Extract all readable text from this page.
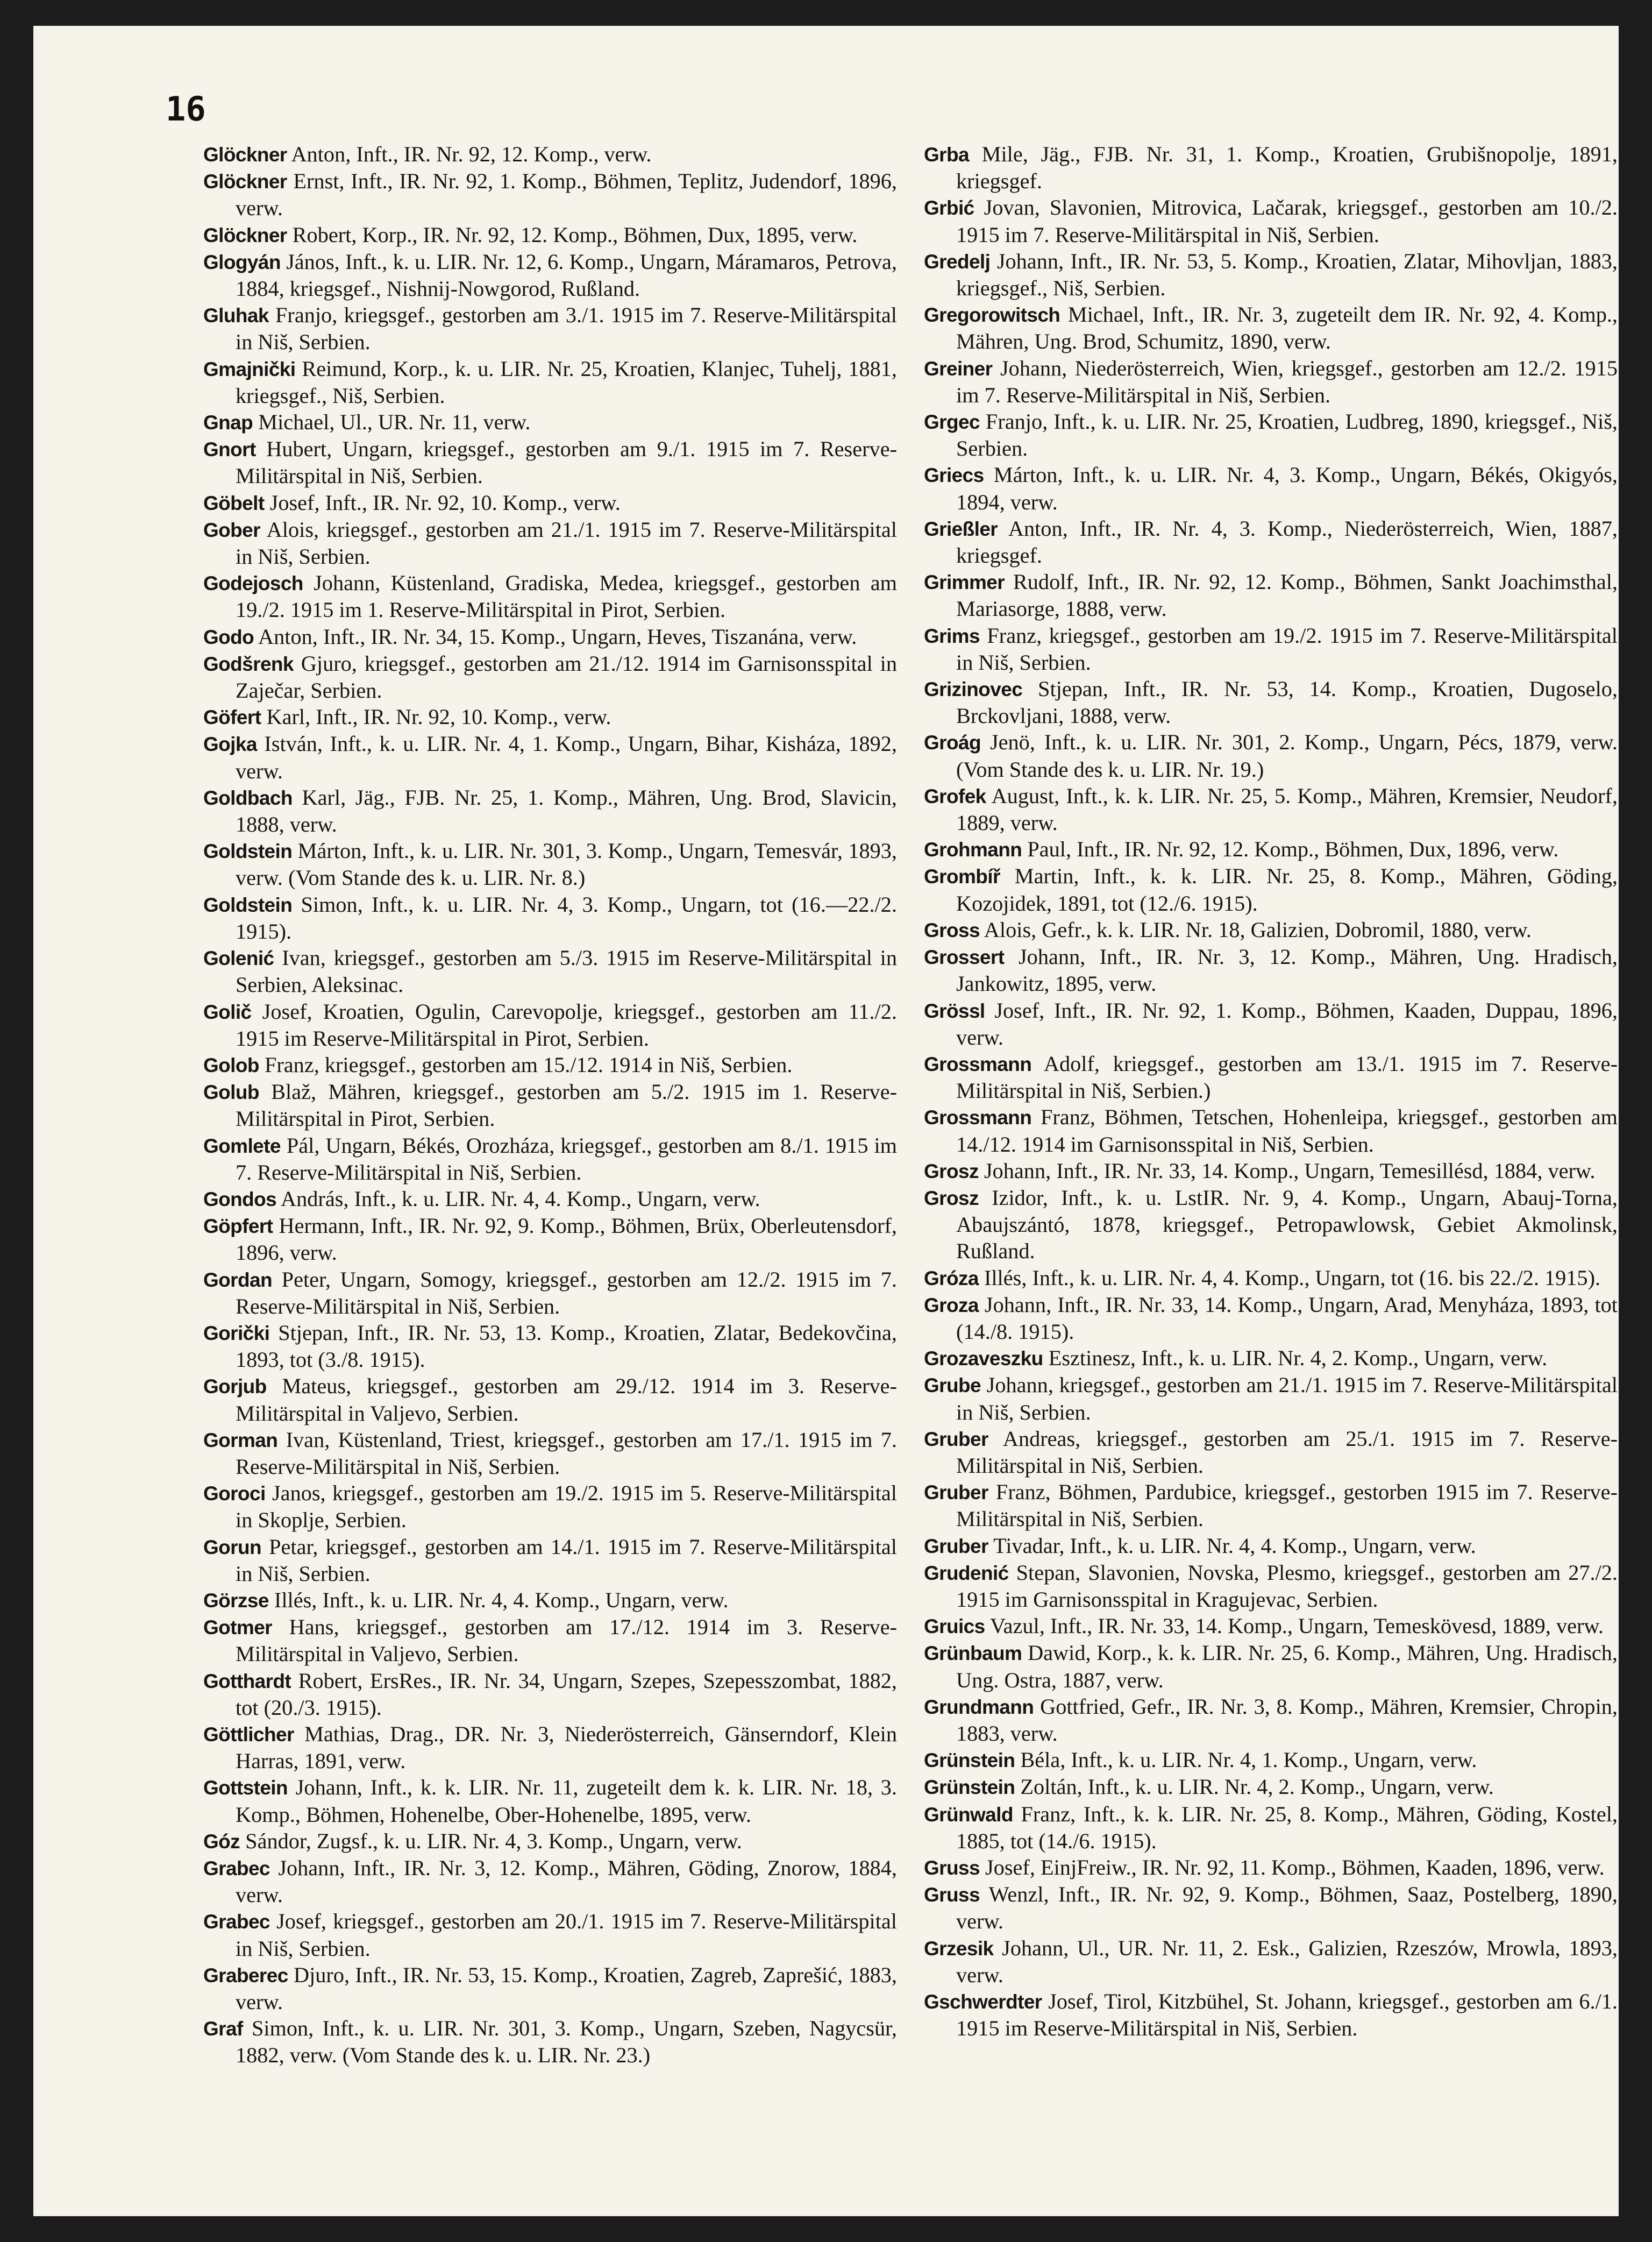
16

Glöckner Anton, Inft., IR. Nr. 92, 12. Komp., verw.

Glöckner Ernst, Inft., IR. Nr. 92, 1. Komp., Böhmen, Teplitz, Judendorf, 1896, verw.

Glöckner Robert, Korp., IR. Nr. 92, 12. Komp., Böhmen, Dux, 1895, verw.

Glogyán János, Inft., k. u. LIR. Nr. 12, 6. Komp., Ungarn, Máramaros, Petrova, 1884, kriegsgef., Nishnij-Nowgorod, Rußland.

Gluhak Franjo, kriegsgef., gestorben am 3./1. 1915 im 7. Reserve-Militärspital in Niš, Serbien.

Gmajnički Reimund, Korp., k. u. LIR. Nr. 25, Kroatien, Klanjec, Tuhelj, 1881, kriegsgef., Niš, Serbien.

Gnap Michael, Ul., UR. Nr. 11, verw.

Gnort Hubert, Ungarn, kriegsgef., gestorben am 9./1. 1915 im 7. Reserve-Militärspital in Niš, Serbien.

Göbelt Josef, Inft., IR. Nr. 92, 10. Komp., verw.

Gober Alois, kriegsgef., gestorben am 21./1. 1915 im 7. Reserve-Militärspital in Niš, Serbien.

Godejosch Johann, Küstenland, Gradiska, Medea, kriegsgef., gestorben am 19./2. 1915 im 1. Reserve-Militärspital in Pirot, Serbien.

Godo Anton, Inft., IR. Nr. 34, 15. Komp., Ungarn, Heves, Tiszanána, verw.

Godšrenk Gjuro, kriegsgef., gestorben am 21./12. 1914 im Garnisonsspital in Zaječar, Serbien.

Göfert Karl, Inft., IR. Nr. 92, 10. Komp., verw.

Gojka István, Inft., k. u. LIR. Nr. 4, 1. Komp., Ungarn, Bihar, Kisháza, 1892, verw.

Goldbach Karl, Jäg., FJB. Nr. 25, 1. Komp., Mähren, Ung. Brod, Slavicin, 1888, verw.

Goldstein Márton, Inft., k. u. LIR. Nr. 301, 3. Komp., Ungarn, Temesvár, 1893, verw. (Vom Stande des k. u. LIR. Nr. 8.)

Goldstein Simon, Inft., k. u. LIR. Nr. 4, 3. Komp., Ungarn, tot (16.—22./2. 1915).

Golenić Ivan, kriegsgef., gestorben am 5./3. 1915 im Reserve-Militärspital in Serbien, Aleksinac.

Golič Josef, Kroatien, Ogulin, Carevopolje, kriegsgef., gestorben am 11./2. 1915 im Reserve-Militärspital in Pirot, Serbien.

Golob Franz, kriegsgef., gestorben am 15./12. 1914 in Niš, Serbien.

Golub Blaž, Mähren, kriegsgef., gestorben am 5./2. 1915 im 1. Reserve-Militärspital in Pirot, Serbien.

Gomlete Pál, Ungarn, Békés, Orozháza, kriegsgef., gestorben am 8./1. 1915 im 7. Reserve-Militärspital in Niš, Serbien.

Gondos András, Inft., k. u. LIR. Nr. 4, 4. Komp., Ungarn, verw.

Göpfert Hermann, Inft., IR. Nr. 92, 9. Komp., Böhmen, Brüx, Oberleutensdorf, 1896, verw.

Gordan Peter, Ungarn, Somogy, kriegsgef., gestorben am 12./2. 1915 im 7. Reserve-Militärspital in Niš, Serbien.

Gorički Stjepan, Inft., IR. Nr. 53, 13. Komp., Kroatien, Zlatar, Bedekovčina, 1893, tot (3./8. 1915).

Gorjub Mateus, kriegsgef., gestorben am 29./12. 1914 im 3. Reserve-Militärspital in Valjevo, Serbien.

Gorman Ivan, Küstenland, Triest, kriegsgef., gestorben am 17./1. 1915 im 7. Reserve-Militärspital in Niš, Serbien.

Goroci Janos, kriegsgef., gestorben am 19./2. 1915 im 5. Reserve-Militärspital in Skoplje, Serbien.

Gorun Petar, kriegsgef., gestorben am 14./1. 1915 im 7. Reserve-Militärspital in Niš, Serbien.

Görzse Illés, Inft., k. u. LIR. Nr. 4, 4. Komp., Ungarn, verw.

Gotmer Hans, kriegsgef., gestorben am 17./12. 1914 im 3. Reserve-Militärspital in Valjevo, Serbien.

Gotthardt Robert, ErsRes., IR. Nr. 34, Ungarn, Szepes, Szepesszombat, 1882, tot (20./3. 1915).

Göttlicher Mathias, Drag., DR. Nr. 3, Niederösterreich, Gänserndorf, Klein Harras, 1891, verw.

Gottstein Johann, Inft., k. k. LIR. Nr. 11, zugeteilt dem k. k. LIR. Nr. 18, 3. Komp., Böhmen, Hohenelbe, Ober-Hohenelbe, 1895, verw.

Góz Sándor, Zugsf., k. u. LIR. Nr. 4, 3. Komp., Ungarn, verw.

Grabec Johann, Inft., IR. Nr. 3, 12. Komp., Mähren, Göding, Znorow, 1884, verw.

Grabec Josef, kriegsgef., gestorben am 20./1. 1915 im 7. Reserve-Militärspital in Niš, Serbien.

Graberec Djuro, Inft., IR. Nr. 53, 15. Komp., Kroatien, Zagreb, Zaprešić, 1883, verw.

Graf Simon, Inft., k. u. LIR. Nr. 301, 3. Komp., Ungarn, Szeben, Nagycsür, 1882, verw. (Vom Stande des k. u. LIR. Nr. 23.)

Grba Mile, Jäg., FJB. Nr. 31, 1. Komp., Kroatien, Grubišnopolje, 1891, kriegsgef.

Grbić Jovan, Slavonien, Mitrovica, Lačarak, kriegsgef., gestorben am 10./2. 1915 im 7. Reserve-Militärspital in Niš, Serbien.

Gredelj Johann, Inft., IR. Nr. 53, 5. Komp., Kroatien, Zlatar, Mihovljan, 1883, kriegsgef., Niš, Serbien.

Gregorowitsch Michael, Inft., IR. Nr. 3, zugeteilt dem IR. Nr. 92, 4. Komp., Mähren, Ung. Brod, Schumitz, 1890, verw.

Greiner Johann, Niederösterreich, Wien, kriegsgef., gestorben am 12./2. 1915 im 7. Reserve-Militärspital in Niš, Serbien.

Grgec Franjo, Inft., k. u. LIR. Nr. 25, Kroatien, Ludbreg, 1890, kriegsgef., Niš, Serbien.

Griecs Márton, Inft., k. u. LIR. Nr. 4, 3. Komp., Ungarn, Békés, Okigyós, 1894, verw.

Grießler Anton, Inft., IR. Nr. 4, 3. Komp., Niederösterreich, Wien, 1887, kriegsgef.

Grimmer Rudolf, Inft., IR. Nr. 92, 12. Komp., Böhmen, Sankt Joachimsthal, Mariasorge, 1888, verw.

Grims Franz, kriegsgef., gestorben am 19./2. 1915 im 7. Reserve-Militärspital in Niš, Serbien.

Grizinovec Stjepan, Inft., IR. Nr. 53, 14. Komp., Kroatien, Dugoselo, Brckovljani, 1888, verw.

Groág Jenö, Inft., k. u. LIR. Nr. 301, 2. Komp., Ungarn, Pécs, 1879, verw. (Vom Stande des k. u. LIR. Nr. 19.)

Grofek August, Inft., k. k. LIR. Nr. 25, 5. Komp., Mähren, Kremsier, Neudorf, 1889, verw.

Grohmann Paul, Inft., IR. Nr. 92, 12. Komp., Böhmen, Dux, 1896, verw.

Grombíř Martin, Inft., k. k. LIR. Nr. 25, 8. Komp., Mähren, Göding, Kozojidek, 1891, tot (12./6. 1915).

Gross Alois, Gefr., k. k. LIR. Nr. 18, Galizien, Dobromil, 1880, verw.

Grossert Johann, Inft., IR. Nr. 3, 12. Komp., Mähren, Ung. Hradisch, Jankowitz, 1895, verw.

Grössl Josef, Inft., IR. Nr. 92, 1. Komp., Böhmen, Kaaden, Duppau, 1896, verw.

Grossmann Adolf, kriegsgef., gestorben am 13./1. 1915 im 7. Reserve-Militärspital in Niš, Serbien.)

Grossmann Franz, Böhmen, Tetschen, Hohenleipa, kriegsgef., gestorben am 14./12. 1914 im Garnisonsspital in Niš, Serbien.

Grosz Johann, Inft., IR. Nr. 33, 14. Komp., Ungarn, Temesillésd, 1884, verw.

Grosz Izidor, Inft., k. u. LstIR. Nr. 9, 4. Komp., Ungarn, Abauj-Torna, Abaujszántó, 1878, kriegsgef., Petropawlowsk, Gebiet Akmolinsk, Rußland.

Gróza Illés, Inft., k. u. LIR. Nr. 4, 4. Komp., Ungarn, tot (16. bis 22./2. 1915).

Groza Johann, Inft., IR. Nr. 33, 14. Komp., Ungarn, Arad, Menyháza, 1893, tot (14./8. 1915).

Grozaveszku Esztinesz, Inft., k. u. LIR. Nr. 4, 2. Komp., Ungarn, verw.

Grube Johann, kriegsgef., gestorben am 21./1. 1915 im 7. Reserve-Militärspital in Niš, Serbien.

Gruber Andreas, kriegsgef., gestorben am 25./1. 1915 im 7. Reserve-Militärspital in Niš, Serbien.

Gruber Franz, Böhmen, Pardubice, kriegsgef., gestorben 1915 im 7. Reserve-Militärspital in Niš, Serbien.

Gruber Tivadar, Inft., k. u. LIR. Nr. 4, 4. Komp., Ungarn, verw.

Grudenić Stepan, Slavonien, Novska, Plesmo, kriegsgef., gestorben am 27./2. 1915 im Garnisonsspital in Kragujevac, Serbien.

Gruics Vazul, Inft., IR. Nr. 33, 14. Komp., Ungarn, Temeskövesd, 1889, verw.

Grünbaum Dawid, Korp., k. k. LIR. Nr. 25, 6. Komp., Mähren, Ung. Hradisch, Ung. Ostra, 1887, verw.

Grundmann Gottfried, Gefr., IR. Nr. 3, 8. Komp., Mähren, Kremsier, Chropin, 1883, verw.

Grünstein Béla, Inft., k. u. LIR. Nr. 4, 1. Komp., Ungarn, verw.

Grünstein Zoltán, Inft., k. u. LIR. Nr. 4, 2. Komp., Ungarn, verw.

Grünwald Franz, Inft., k. k. LIR. Nr. 25, 8. Komp., Mähren, Göding, Kostel, 1885, tot (14./6. 1915).

Gruss Josef, EinjFreiw., IR. Nr. 92, 11. Komp., Böhmen, Kaaden, 1896, verw.

Gruss Wenzl, Inft., IR. Nr. 92, 9. Komp., Böhmen, Saaz, Postelberg, 1890, verw.

Grzesik Johann, Ul., UR. Nr. 11, 2. Esk., Galizien, Rzeszów, Mrowla, 1893, verw.

Gschwerdter Josef, Tirol, Kitzbühel, St. Johann, kriegsgef., gestorben am 6./1. 1915 im Reserve-Militärspital in Niš, Serbien.
